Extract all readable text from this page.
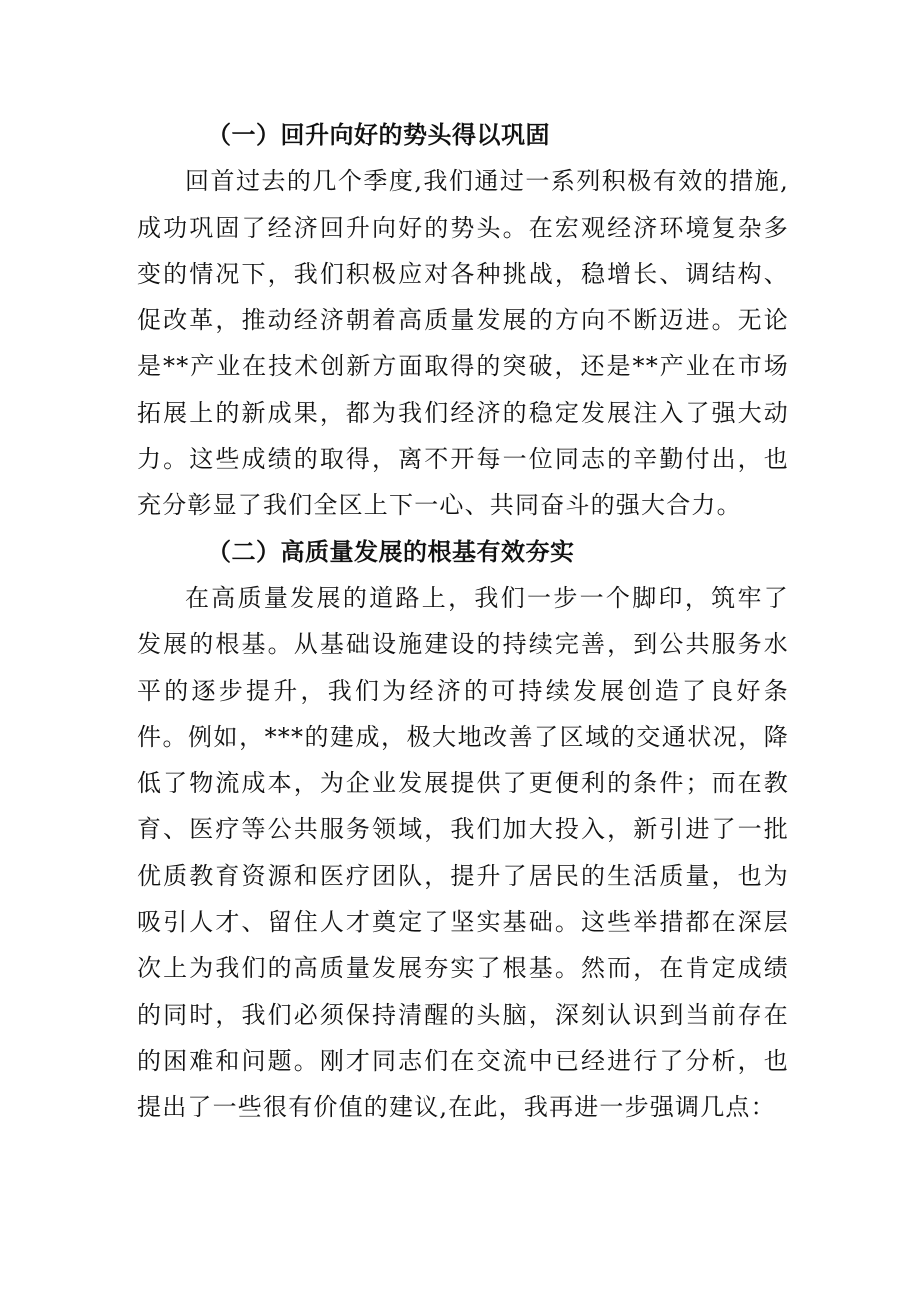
（一）回升向好的势头得以巩固

回首过去的几个季度,我们通过一系列积极有效的措施,成功巩固了经济回升向好的势头。在宏观经济环境复杂多变的情况下，我们积极应对各种挑战，稳增长、调结构、促改革，推动经济朝着高质量发展的方向不断迈进。无论是**产业在技术创新方面取得的突破，还是**产业在市场拓展上的新成果，都为我们经济的稳定发展注入了强大动力。这些成绩的取得，离不开每一位同志的辛勤付出，也充分彰显了我们全区上下一心、共同奋斗的强大合力。

（二）高质量发展的根基有效夯实

在高质量发展的道路上，我们一步一个脚印，筑牢了发展的根基。从基础设施建设的持续完善，到公共服务水平的逐步提升，我们为经济的可持续发展创造了良好条件。例如，***的建成，极大地改善了区域的交通状况，降低了物流成本，为企业发展提供了更便利的条件；而在教育、医疗等公共服务领域，我们加大投入，新引进了一批优质教育资源和医疗团队，提升了居民的生活质量，也为吸引人才、留住人才奠定了坚实基础。这些举措都在深层次上为我们的高质量发展夯实了根基。然而，在肯定成绩的同时，我们必须保持清醒的头脑，深刻认识到当前存在的困难和问题。刚才同志们在交流中已经进行了分析，也提出了一些很有价值的建议,在此，我再进一步强调几点：
